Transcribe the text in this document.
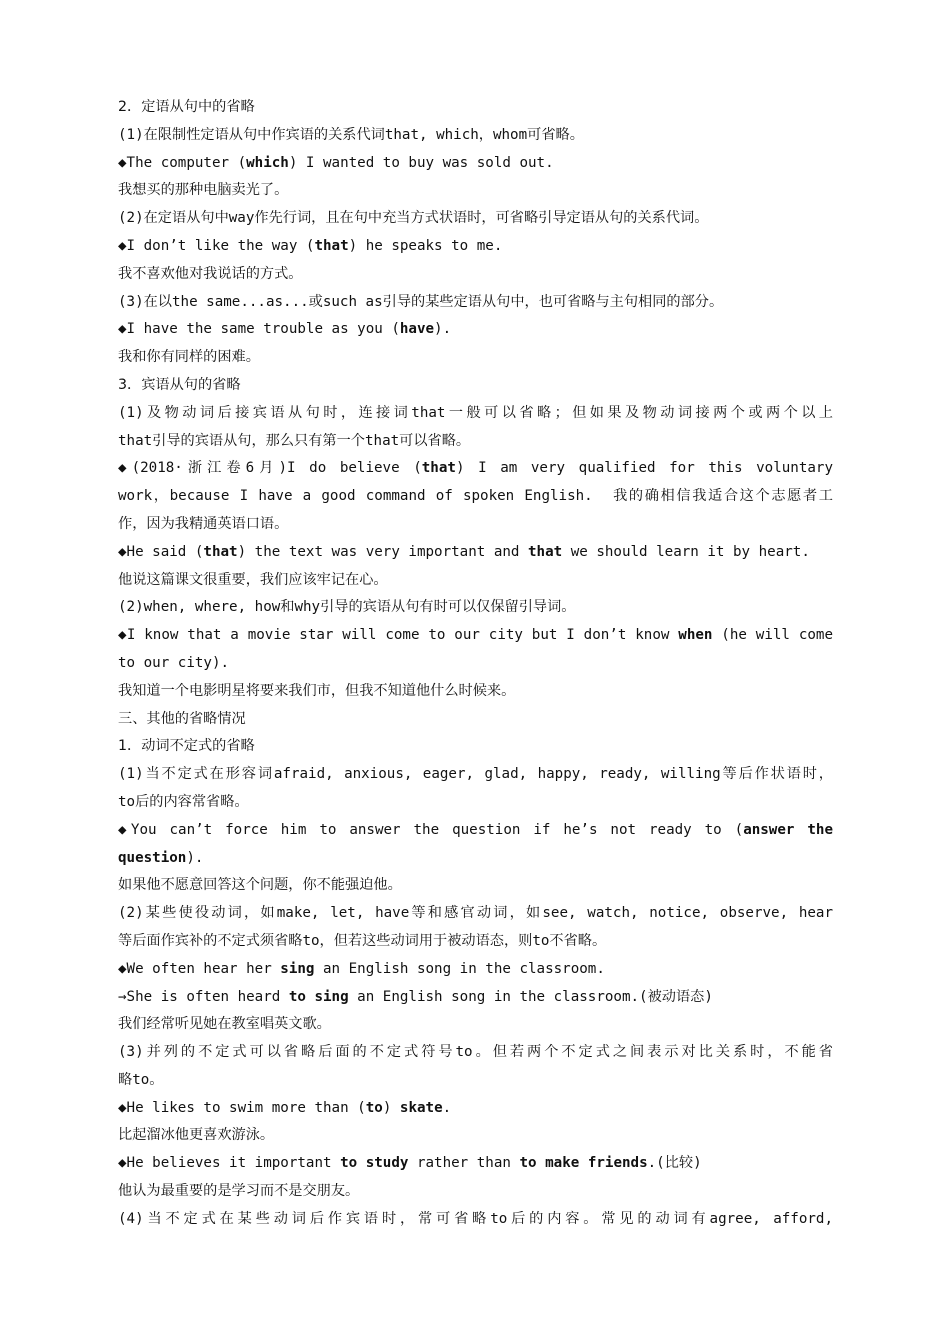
2．定语从句中的省略

(1)在限制性定语从句中作宾语的关系代词that, which，whom可省略。

◆The computer (which) I wanted to buy was sold out.

我想买的那种电脑卖光了。

(2)在定语从句中way作先行词，且在句中充当方式状语时，可省略引导定语从句的关系代词。

◆I don’t like the way (that) he speaks to me.

我不喜欢他对我说话的方式。

(3)在以the same...as...或such as引导的某些定语从句中，也可省略与主句相同的部分。

◆I have the same trouble as you (have).

我和你有同样的困难。

3．宾语从句的省略

(1)及物动词后接宾语从句时，连接词that一般可以省略；但如果及物动词接两个或两个以上

that引导的宾语从句，那么只有第一个that可以省略。

◆(2018·浙江卷6月)I do believe (that) I am very qualified for this voluntary

work，because I have a good command of spoken English.  我的确相信我适合这个志愿者工

作，因为我精通英语口语。

◆He said (that) the text was very important and that we should learn it by heart.

他说这篇课文很重要，我们应该牢记在心。

(2)when, where, how和why引导的宾语从句有时可以仅保留引导词。

◆I know that a movie star will come to our city but I don’t know when (he will come

to our city).

我知道一个电影明星将要来我们市，但我不知道他什么时候来。

三、其他的省略情况

1．动词不定式的省略

(1)当不定式在形容词afraid, anxious, eager, glad, happy, ready, willing等后作状语时，

to后的内容常省略。

◆You can’t force him to answer the question if he’s not ready to (answer the

question).

如果他不愿意回答这个问题，你不能强迫他。

(2)某些使役动词，如make, let, have等和感官动词，如see, watch, notice, observe, hear

等后面作宾补的不定式须省略to，但若这些动词用于被动语态，则to不省略。

◆We often hear her sing an English song in the classroom.

→She is often heard to sing an English song in the classroom.(被动语态)

我们经常听见她在教室唱英文歌。

(3)并列的不定式可以省略后面的不定式符号to。但若两个不定式之间表示对比关系时，不能省

略to。

◆He likes to swim more than (to) skate.

比起溜冰他更喜欢游泳。

◆He believes it important to study rather than to make friends.(比较)

他认为最重要的是学习而不是交朋友。

(4)当不定式在某些动词后作宾语时，常可省略to后的内容。常见的动词有agree, afford,
